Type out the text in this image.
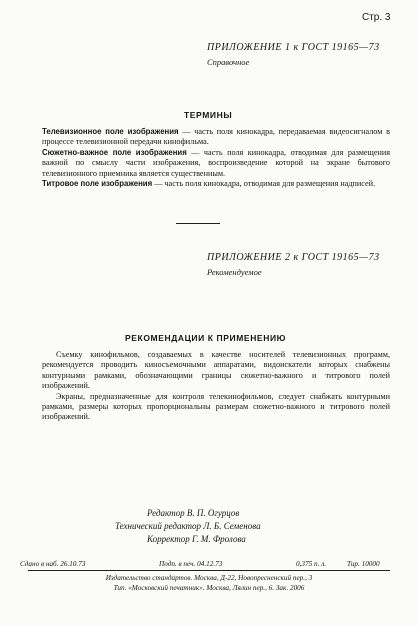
Стр. 3
ПРИЛОЖЕНИЕ 1 к ГОСТ 19165—73
Справочное
ТЕРМИНЫ
Телевизионное поле изображения — часть поля кинокадра, передаваемая видеосигналом в процессе телевизионной передачи кинофильма.
Сюжетно-важное поле изображения — часть поля кинокадра, отводимая для размещения важной по смыслу части изображения, воспроизведение которой на экране бытового телевизионного приемника является существенным.
Титровое поле изображения — часть поля кинокадра, отводимая для размещения надписей.
ПРИЛОЖЕНИЕ 2 к ГОСТ 19165—73
Рекомендуемое
РЕКОМЕНДАЦИИ К ПРИМЕНЕНИЮ
Съемку кинофильмов, создаваемых в качестве носителей телевизионных программ, рекомендуется проводить киносъемочными аппаратами, видоискатели которых снабжены контурными рамками, обозначающими границы сюжетно-важного и титрового полей изображений.
Экраны, предназначенные для контроля телекинофильмов, следует снабжать контурными рамками, размеры которых пропорциональны размерам сюжетно-важного и титрового полей изображений.
Редактор В. П. Огурцов
Технический редактор Л. Б. Семенова
Корректор Г. М. Фролова
Сдано в наб. 26.10.73	Подп. в печ. 04.12.73	0,375 п. л.	Тир. 10000
Издательство стандартов. Москва, Д-22, Новопресненский пер., 3
Тип. «Московский печатник». Москва, Лялин пер., 6. Зак. 2006
